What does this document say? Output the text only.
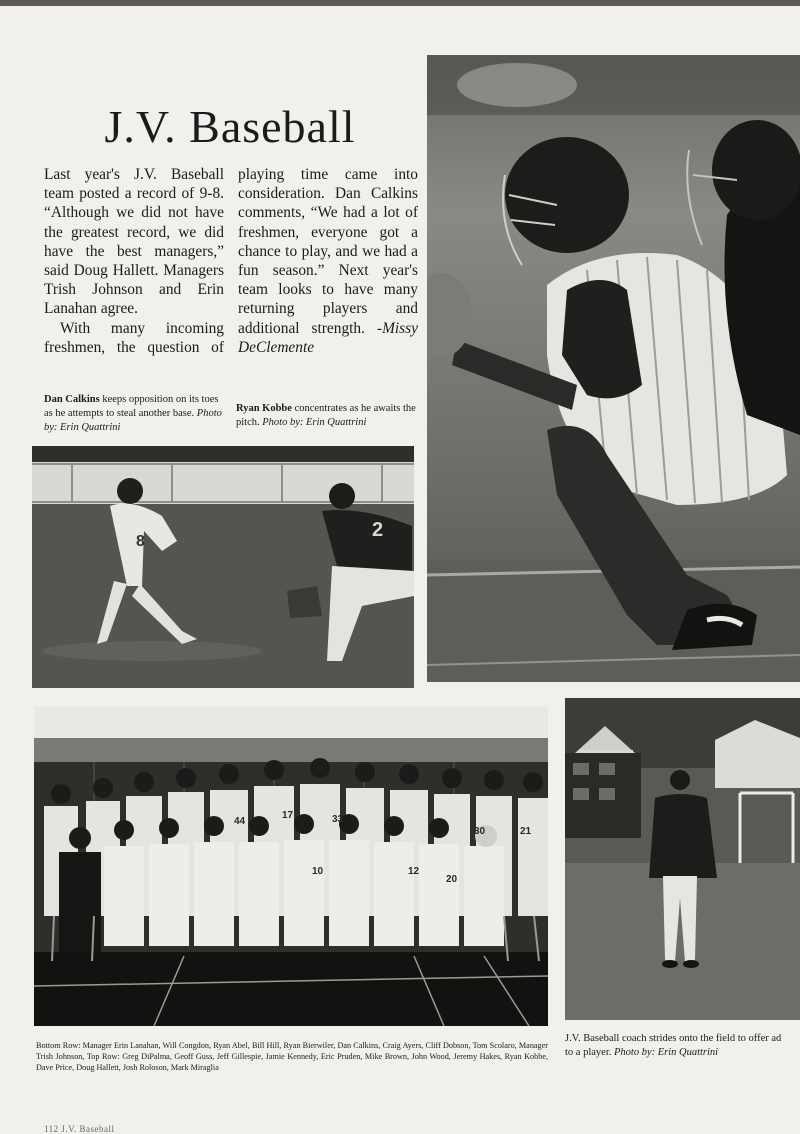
J.V. Baseball

Last year's J.V. Baseball team posted a record of 9-8. “Although we did not have the greatest record, we did have the best managers,” said Doug Hallett. Managers Trish Johnson and Erin Lanahan agree.

With many incoming freshmen, the question of playing time came into consideration. Dan Calkins comments, “We had a lot of freshmen, everyone got a chance to play, and we had a fun season.” Next year's team looks to have many returning players and additional strength. -Missy DeClemente

Dan Calkins keeps opposition on its toes as he attempts to steal another base. Photo by: Erin Quattrini
Ryan Kobbe concentrates as he awaits the pitch. Photo by: Erin Quattrini
8
2
44
17	33
30	21
10	12
20
Bottom Row: Manager Erin Lanahan, Will Congdon, Ryan Abel, Bill Hill, Ryan Bierwiler, Dan Calkins, Craig Ayers, Cliff Dobson, Tom Scolaro, Manager Trish Johnson, Top Row: Greg DiPalma, Geoff Guss, Jeff Gillespie, Jamie Kennedy, Eric Pruden, Mike Brown, John Wood, Jeremy Hakes, Ryan Kobbe, Dave Price, Doug Hallett, Josh Roloson, Mark Miraglia
J.V. Baseball coach strides onto the field to offer ad
to a player. Photo by: Erin Quattrini
112 J.V. Baseball
